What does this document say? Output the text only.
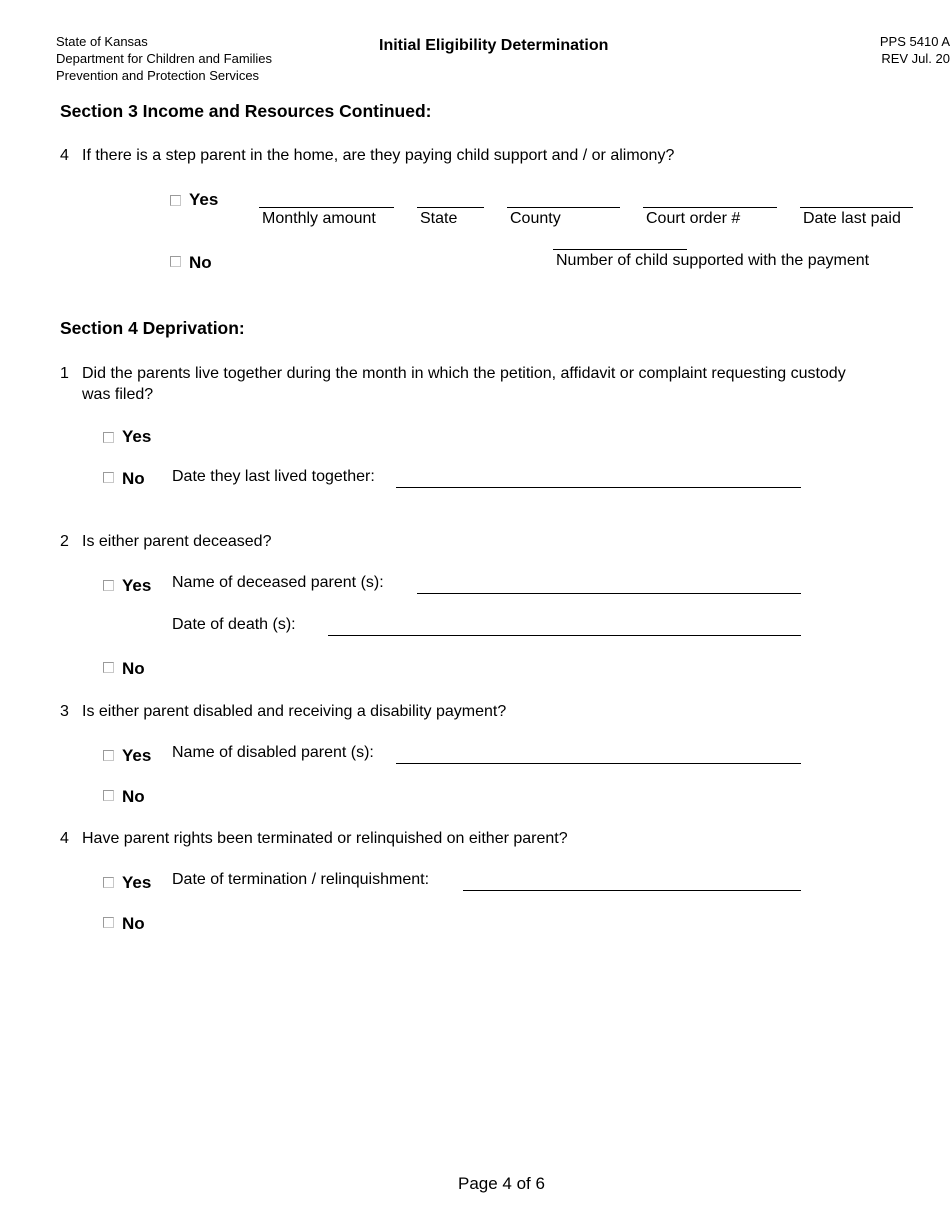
State of Kansas
Department for Children and Families
Prevention and Protection Services
Initial Eligibility Determination	PPS 5410 A
REV Jul. 20
Section 3 Income and Resources Continued:
4 If there is a step parent in the home, are they paying child support and / or alimony?
Yes
Monthly amount	State	County	Court order #	Date last paid
No	Number of child supported with the payment
Section 4 Deprivation:
1 Did the parents live together during the month in which the petition, affidavit or complaint requesting custody
was filed?
Yes
No Date they last lived together:
2 Is either parent deceased?
Yes Name of deceased parent (s):
Date of death (s):
No
3 Is either parent disabled and receiving a disability payment?
Yes Name of disabled parent (s):
No
4 Have parent rights been terminated or relinquished on either parent?
Yes Date of termination / relinquishment:
No
Page 4 of 6
